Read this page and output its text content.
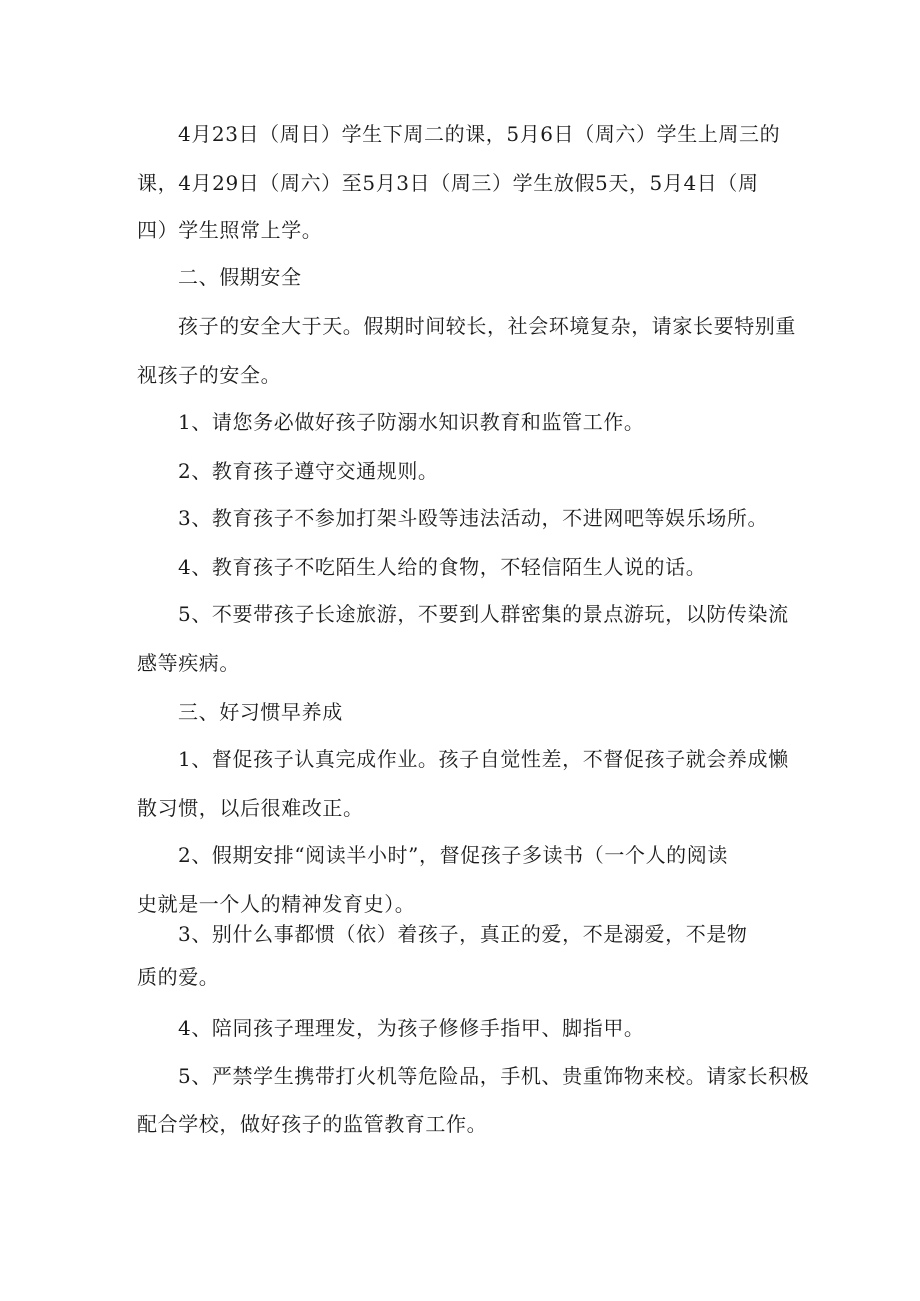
4月23日（周日）学生下周二的课，5月6日（周六）学生上周三的
课，4月29日（周六）至5月3日（周三）学生放假5天，5月4日（周
四）学生照常上学。
二、假期安全
孩子的安全大于天。假期时间较长，社会环境复杂，请家长要特别重
视孩子的安全。
1、请您务必做好孩子防溺水知识教育和监管工作。
2、教育孩子遵守交通规则。
3、教育孩子不参加打架斗殴等违法活动，不进网吧等娱乐场所。
4、教育孩子不吃陌生人给的食物，不轻信陌生人说的话。
5、不要带孩子长途旅游，不要到人群密集的景点游玩，以防传染流
感等疾病。
三、好习惯早养成
1、督促孩子认真完成作业。孩子自觉性差，不督促孩子就会养成懒
散习惯，以后很难改正。
2、假期安排“阅读半小时”，督促孩子多读书（一个人的阅读
史就是一个人的精神发育史）。
3、别什么事都惯（依）着孩子，真正的爱，不是溺爱，不是物
质的爱。
4、陪同孩子理理发，为孩子修修手指甲、脚指甲。
5、严禁学生携带打火机等危险品，手机、贵重饰物来校。请家长积极
配合学校，做好孩子的监管教育工作。
